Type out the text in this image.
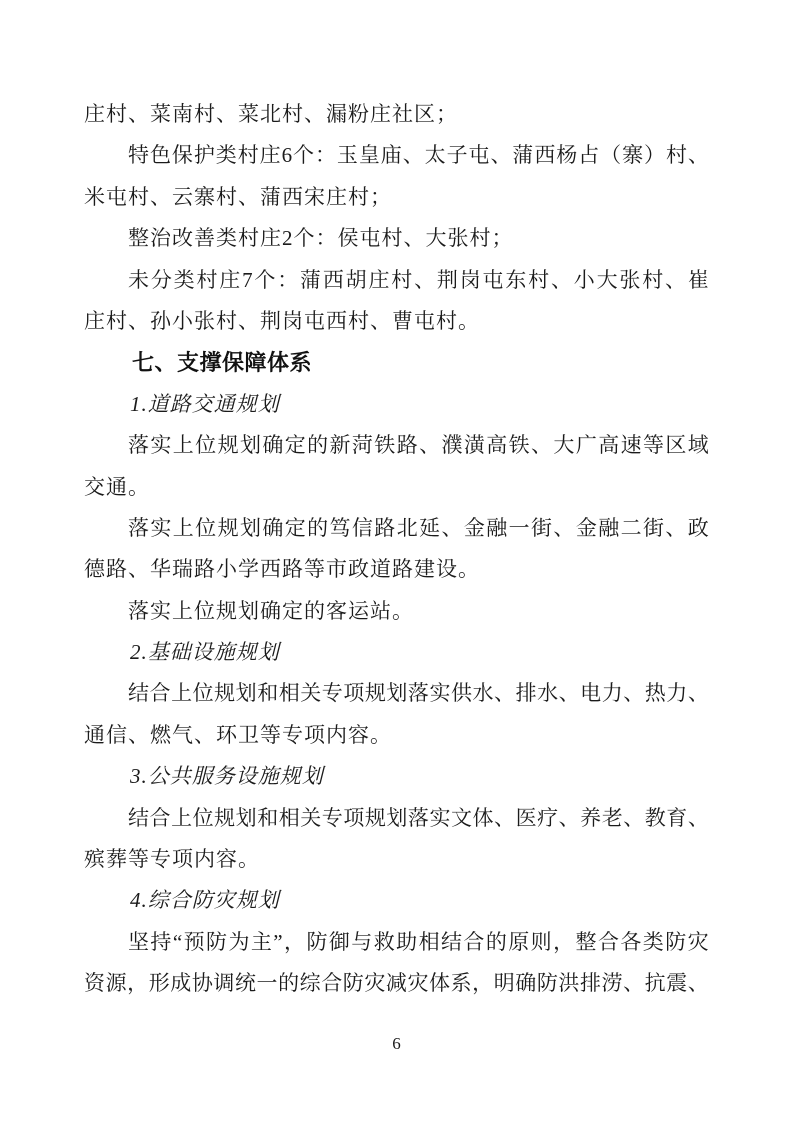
庄村、菜南村、菜北村、漏粉庄社区；
特 色 保 护 类 村 庄 6 个 ： 玉 皇 庙 、 太 子 屯 、 蒲 西 杨 占 （ 寨 ） 村 、
米屯村、云寨村、蒲西宋庄村；
整治改善类村庄2个：侯屯村、大张村；
未 分 类 村 庄 7 个 ： 蒲 西 胡 庄 村 、 荆 岗 屯 东 村 、 小 大 张 村 、 崔
庄村、孙小张村、荆岗屯西村、曹屯村。
七、支撑保障体系
1.道路交通规划
落 实 上 位 规 划 确 定 的 新 菏 铁 路 、 濮 潢 高 铁 、 大 广 高 速 等 区 域
交通。
落 实 上 位 规 划 确 定 的 笃 信 路 北 延 、 金 融 一 街 、 金 融 二 街 、 政
德路、华瑞路小学西路等市政道路建设。
落实上位规划确定的客运站。
2.基础设施规划
结 合 上 位 规 划 和 相 关 专 项 规 划 落 实 供 水 、 排 水 、 电 力 、 热 力 、
通信、燃气、环卫等专项内容。
3.公共服务设施规划
结 合 上 位 规 划 和 相 关 专 项 规 划 落 实 文 体 、 医 疗 、 养 老 、 教 育 、
殡葬等专项内容。
4.综合防灾规划
坚 持 “ 预 防 为 主 ” ， 防 御 与 救 助 相 结 合 的 原 则 ， 整 合 各 类 防 灾
资 源 ， 形 成 协 调 统 一 的 综 合 防 灾 减 灾 体 系 ， 明 确 防 洪 排 涝 、 抗 震 、
6
